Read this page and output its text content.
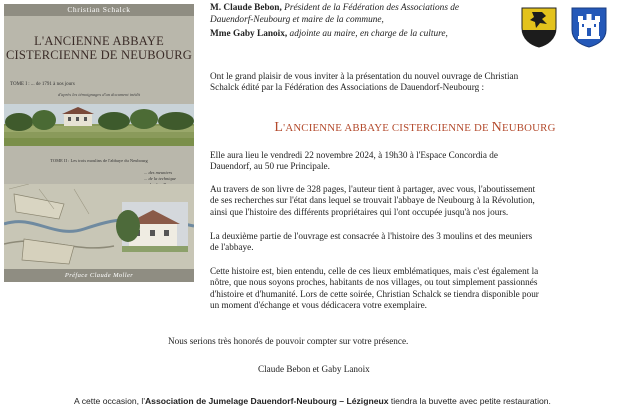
Christian Schalck
L'ANCIENNE ABBAYE
CISTERCIENNE DE NEUBOURG
TOME I : ... de 1791 à nos jours
d'après les témoignages d'un document inédit
TOME II : Les trois moulins de l'abbaye du Neubourg
... des meuniers
... de la technique
Préface Claude Moller
M. Claude Bebon, Président de la Fédération des Associations de
Dauendorf-Neubourg et maire de la commune,
Mme Gaby Lanoix, adjointe au maire, en charge de la culture,
Ont le grand plaisir de vous inviter à la présentation du nouvel ouvrage de Christian
Schalck édité par la Fédération des Associations de Dauendorf-Neubourg :
L'ANCIENNE ABBAYE CISTERCIENNE DE NEUBOURG
Elle aura lieu le vendredi 22 novembre 2024, à 19h30 à l'Espace Concordia de
Dauendorf, au 50 rue Principale.
Au travers de son livre de 328 pages, l'auteur tient à partager, avec vous, l'aboutissement
de ses recherches sur l'état dans lequel se trouvait l'abbaye de Neubourg à la Révolution,
ainsi que l'histoire des différents propriétaires qui l'ont occupée jusqu'à nos jours.
La deuxième partie de l'ouvrage est consacrée à l'histoire des 3 moulins et des meuniers
de l'abbaye.
Cette histoire est, bien entendu, celle de ces lieux emblématiques, mais c'est également la
nôtre, que nous soyons proches, habitants de nos villages, ou tout simplement passionnés
d'histoire et d'humanité. Lors de cette soirée, Christian Schalck se tiendra disponible pour
un moment d'échange et vous dédicacera votre exemplaire.
Nous serions très honorés de pouvoir compter sur votre présence.
Claude Bebon et Gaby Lanoix
A cette occasion, l'Association de Jumelage Dauendorf-Neubourg – Lézigneux tiendra la buvette avec petite restauration.
